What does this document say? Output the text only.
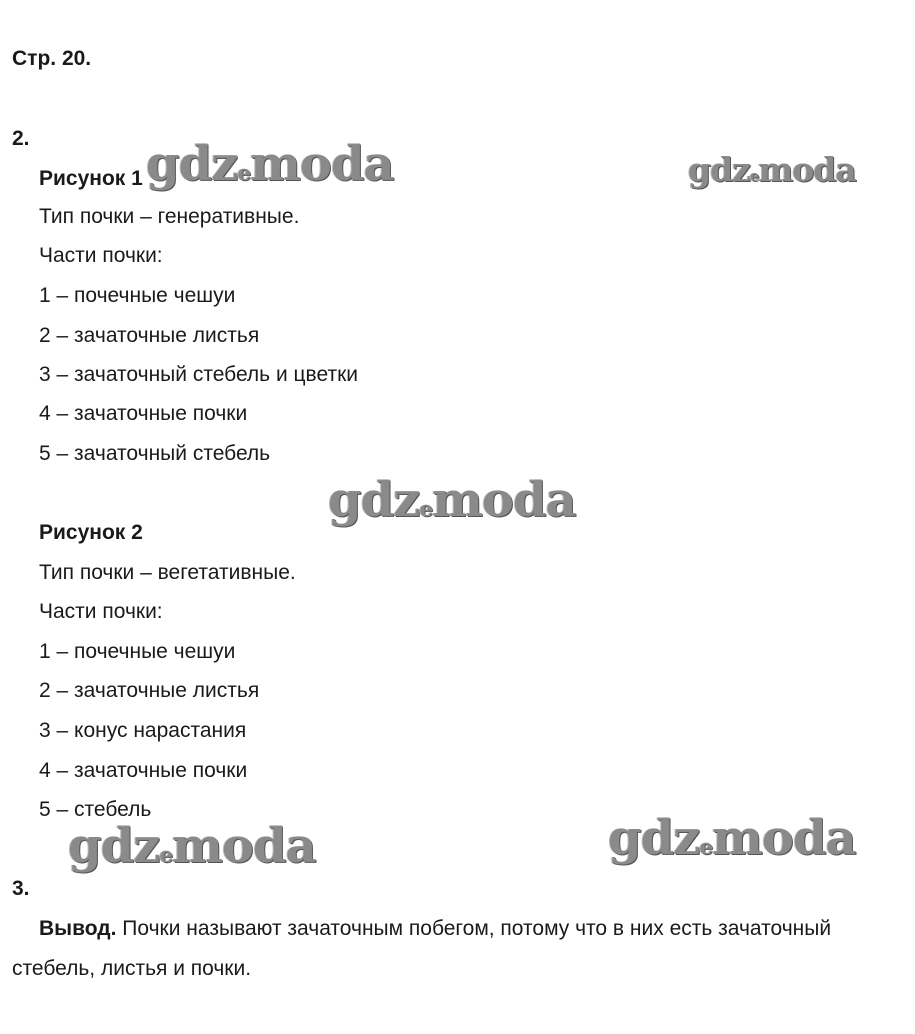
Стр. 20.
2.
Рисунок 1
Тип почки – генеративные.
Части почки:
1 – почечные чешуи
2 – зачаточные листья
3 – зачаточный стебель и цветки
4 – зачаточные почки
5 – зачаточный стебель
Рисунок 2
Тип почки – вегетативные.
Части почки:
1 – почечные чешуи
2 – зачаточные листья
3 – конус нарастания
4 – зачаточные почки
5 – стебель
3.
Вывод. Почки называют зачаточным побегом, потому что в них есть зачаточный
стебель, листья и почки.
gdzemoda	gdzemoda
gdzemoda
gdzemoda	gdzemoda
